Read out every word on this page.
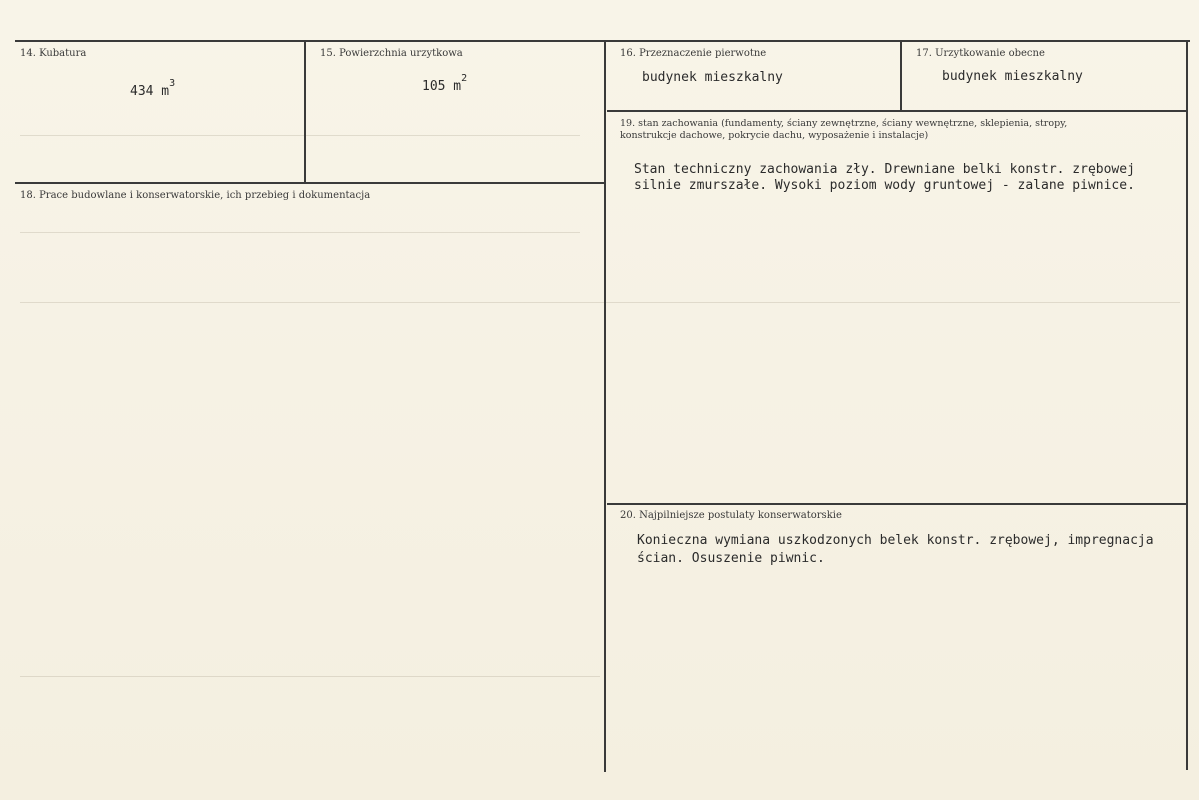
14. Kubatura
434 $m^3$
15. Powierzchnia urzytkowa
105 $m^2$
16. Przeznaczenie pierwotne
budynek mieszkalny
17. Urzytkowanie obecne
budynek mieszkalny
18. Prace budowlane i konserwatorskie, ich przebieg i dokumentacja
19. stan zachowania (fundamenty, ściany zewnętrzne, ściany wewnętrzne, sklepienia, stropy,
konstrukcje dachowe, pokrycie dachu, wyposażenie i instalacje)
Stan techniczny zachowania zły. Drewniane belki konstr. zrębowej
silnie zmurszałe. Wysoki poziom wody gruntowej - zalane piwnice.
20. Najpilniejsze postulaty konserwatorskie
Konieczna wymiana uszkodzonych belek konstr. zrębowej, impregnacja
ścian. Osuszenie piwnic.
